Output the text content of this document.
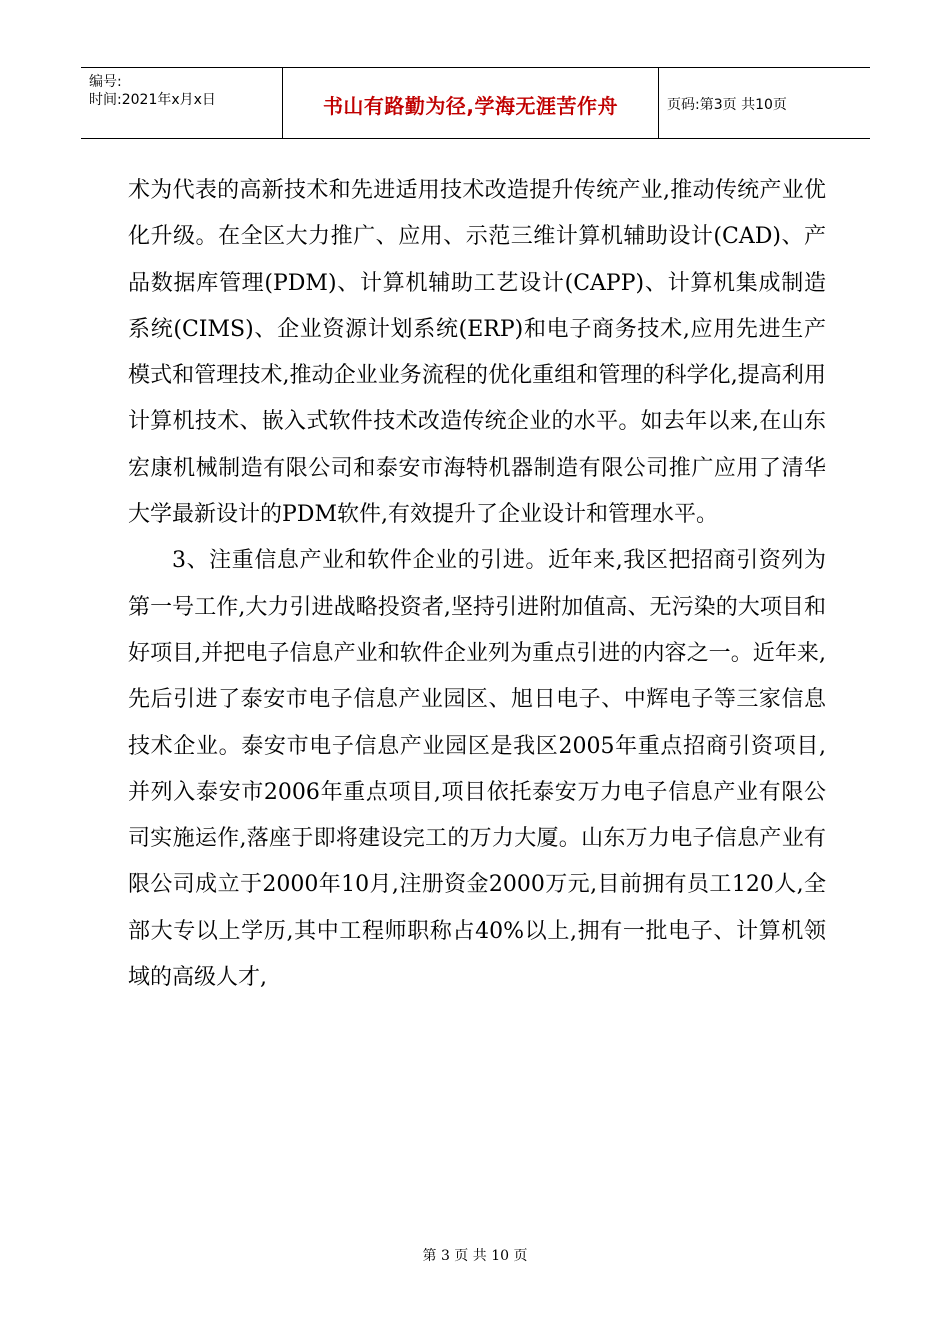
编号:
时间:2021年x月x日	书山有路勤为径,学海无涯苦作舟	页码:第3页 共10页

术为代表的高新技术和先进适用技术改造提升传统产业,推动传统产业优化升级。在全区大力推广、应用、示范三维计算机辅助设计(CAD)、产品数据库管理(PDM)、计算机辅助工艺设计(CAPP)、计算机集成制造系统(CIMS)、企业资源计划系统(ERP)和电子商务技术,应用先进生产模式和管理技术,推动企业业务流程的优化重组和管理的科学化,提高利用计算机技术、嵌入式软件技术改造传统企业的水平。如去年以来,在山东宏康机械制造有限公司和泰安市海特机器制造有限公司推广应用了清华大学最新设计的PDM软件,有效提升了企业设计和管理水平。

3、注重信息产业和软件企业的引进。近年来,我区把招商引资列为第一号工作,大力引进战略投资者,坚持引进附加值高、无污染的大项目和好项目,并把电子信息产业和软件企业列为重点引进的内容之一。近年来,先后引进了泰安市电子信息产业园区、旭日电子、中辉电子等三家信息技术企业。泰安市电子信息产业园区是我区2005年重点招商引资项目,并列入泰安市2006年重点项目,项目依托泰安万力电子信息产业有限公司实施运作,落座于即将建设完工的万力大厦。山东万力电子信息产业有限公司成立于2000年10月,注册资金2000万元,目前拥有员工120人,全部大专以上学历,其中工程师职称占40%以上,拥有一批电子、计算机领域的高级人才,

第 3 页 共 10 页
